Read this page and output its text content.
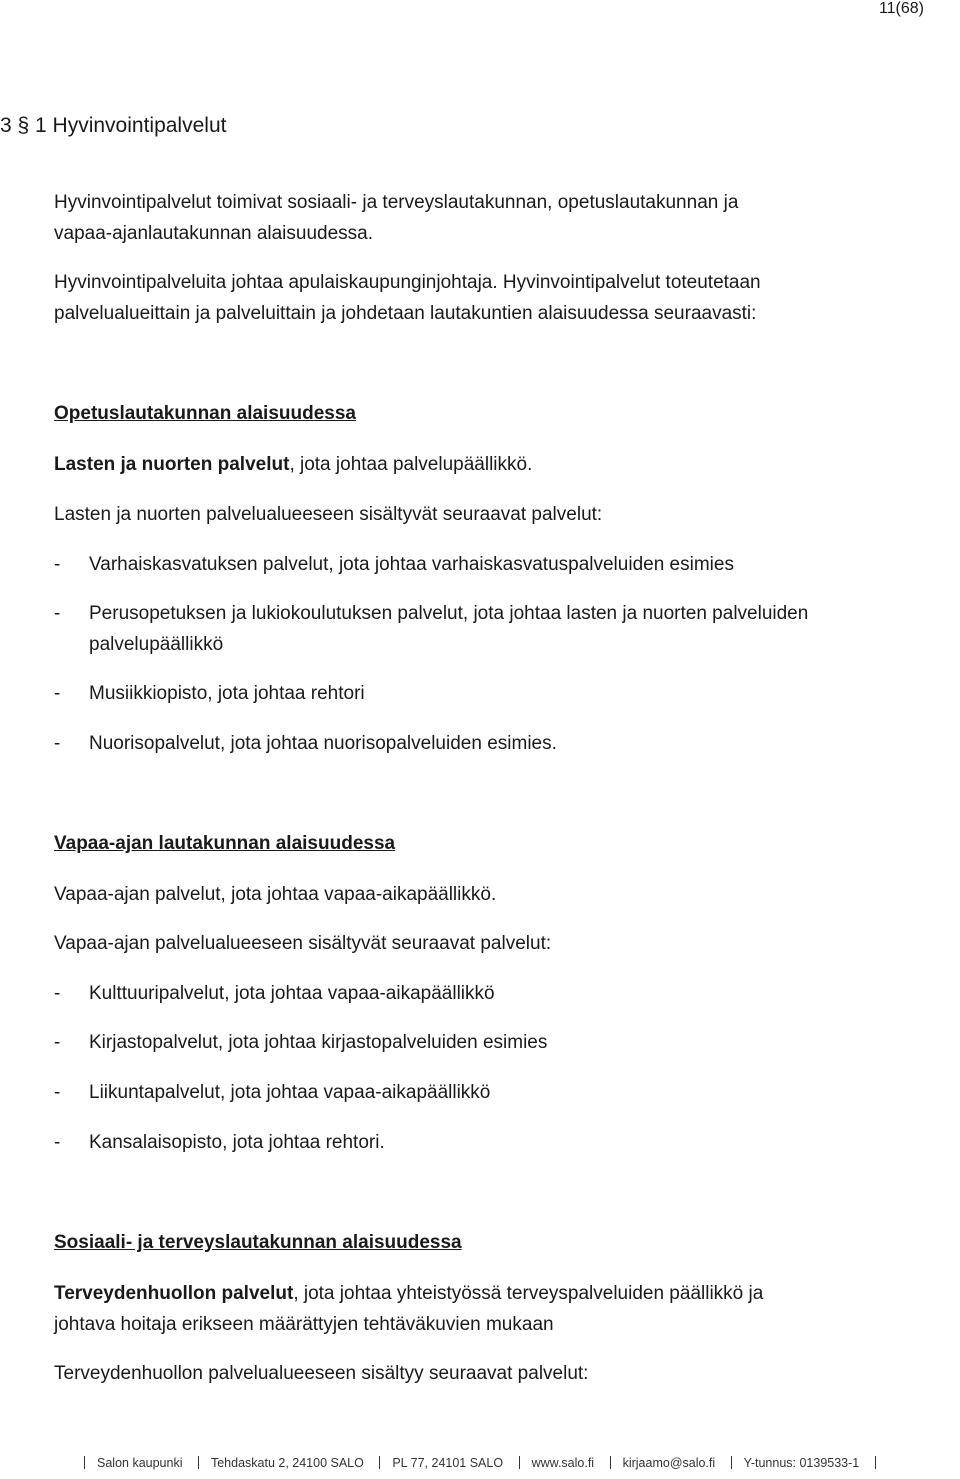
11(68)
3 § 1 Hyvinvointipalvelut
Hyvinvointipalvelut toimivat sosiaali- ja terveyslautakunnan, opetuslautakunnan ja
vapaa-ajanlautakunnan alaisuudessa.
Hyvinvointipalveluita johtaa apulaiskaupunginjohtaja. Hyvinvointipalvelut toteutetaan
palvelualueittain ja palveluittain ja johdetaan lautakuntien alaisuudessa seuraavasti:
Opetuslautakunnan alaisuudessa
Lasten ja nuorten palvelut, jota johtaa palvelupäällikkö.
Lasten ja nuorten palvelualueeseen sisältyvät seuraavat palvelut:
- Varhaiskasvatuksen palvelut, jota johtaa varhaiskasvatuspalveluiden esimies
- Perusopetuksen ja lukiokoulutuksen palvelut, jota johtaa lasten ja nuorten palveluiden
palvelupäällikkö
- Musiikkiopisto, jota johtaa rehtori
- Nuorisopalvelut, jota johtaa nuorisopalveluiden esimies.
Vapaa-ajan lautakunnan alaisuudessa
Vapaa-ajan palvelut, jota johtaa vapaa-aikapäällikkö.
Vapaa-ajan palvelualueeseen sisältyvät seuraavat palvelut:
- Kulttuuripalvelut, jota johtaa vapaa-aikapäällikkö
- Kirjastopalvelut, jota johtaa kirjastopalveluiden esimies
- Liikuntapalvelut, jota johtaa vapaa-aikapäällikkö
- Kansalaisopisto, jota johtaa rehtori.
Sosiaali- ja terveyslautakunnan alaisuudessa
Terveydenhuollon palvelut, jota johtaa yhteistyössä terveyspalveluiden päällikkö ja
johtava hoitaja erikseen määrättyjen tehtäväkuvien mukaan
Terveydenhuollon palvelualueeseen sisältyy seuraavat palvelut:
Salon kaupunki Tehdaskatu 2, 24100 SALO PL 77, 24101 SALO www.salo.fi kirjaamo@salo.fi Y-tunnus: 0139533-1
